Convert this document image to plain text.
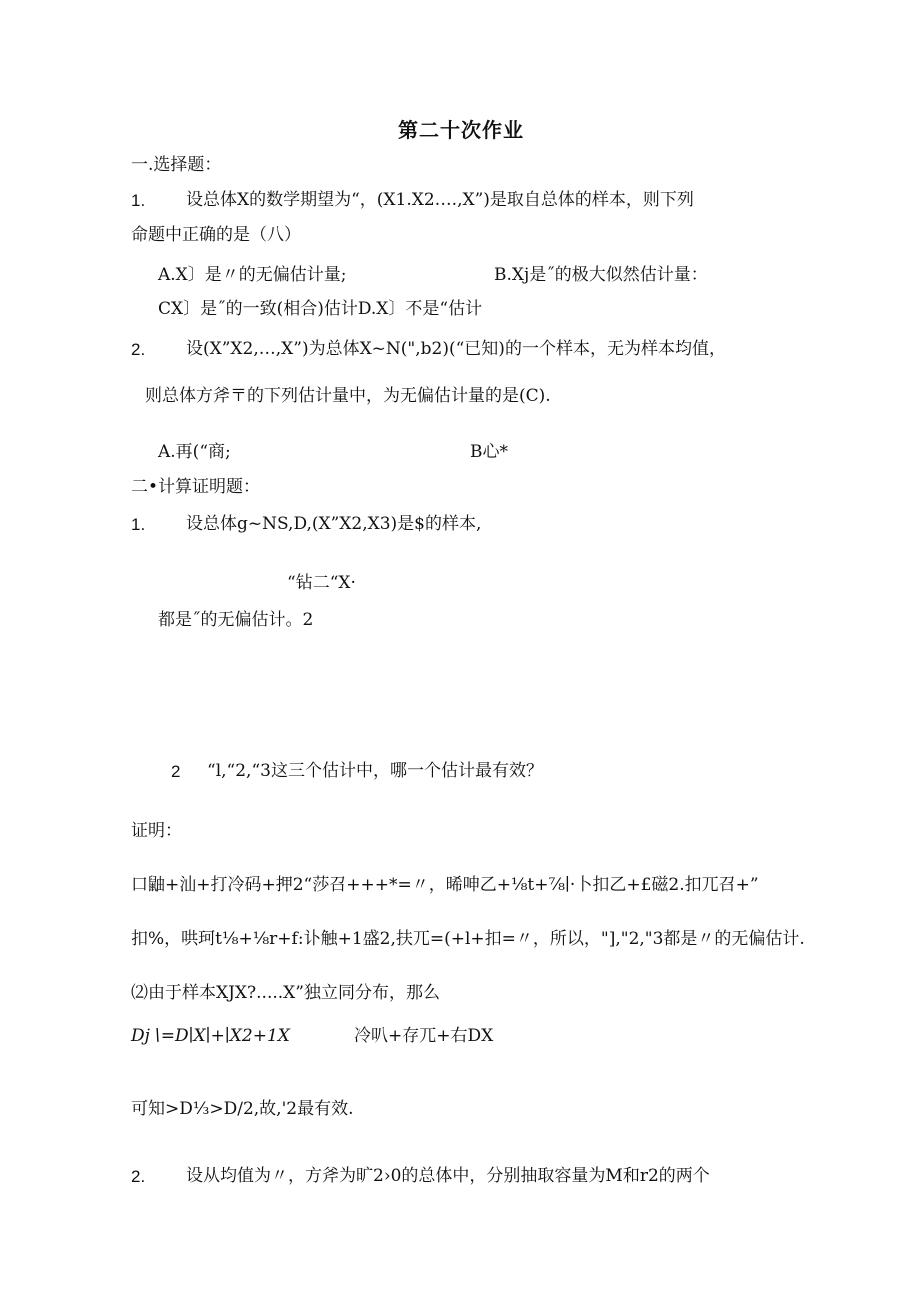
第二十次作业
一.选择题：
1. 设总体X的数学期望为“，(X1.X2….,X”)是取自总体的样本，则下列
命题中正确的是（八）
A.X〕是〃的无偏估计量;	B.Xj是˝的极大似然估计量：
CX〕是˝的一致(相合)估计D.X〕不是“估计
2. 设(X”X2,…,X”)为总体X~N(",b2)(“已知)的一个样本，无为样本均值，
则总体方斧〒的下列估计量中，为无偏估计量的是(C).
A.再(“商;	B心*
二•计算证明题：
1. 设总体g~NS,D,(X”X2,X3)是$的样本,
“钻二“X·
都是˝的无偏估计。2
2 “l,“2,“3这三个估计中，哪一个估计最有效？
证明：
口鼬+汕+打冷码+押2“莎召+++*=〃，晞呻乙+⅛t+⅞∣·卜扣乙+£磁2.扣兀召+”
扣%，哄珂t⅛+⅛r+f:讣触+1盛2,扶兀=(+l+扣=〃，所以，"],"2,"3都是〃的无偏估计.
⑵由于样本XJX?.....X”独立同分布，那么
Dj∖=D∣X∣+∣X2+1X	冷叭+存兀+右DX
可知>D⅓>D∕2,故,'2最有效.
2. 设从均值为〃，方斧为旷2›0的总体中，分别抽取容量为M和r2的两个
